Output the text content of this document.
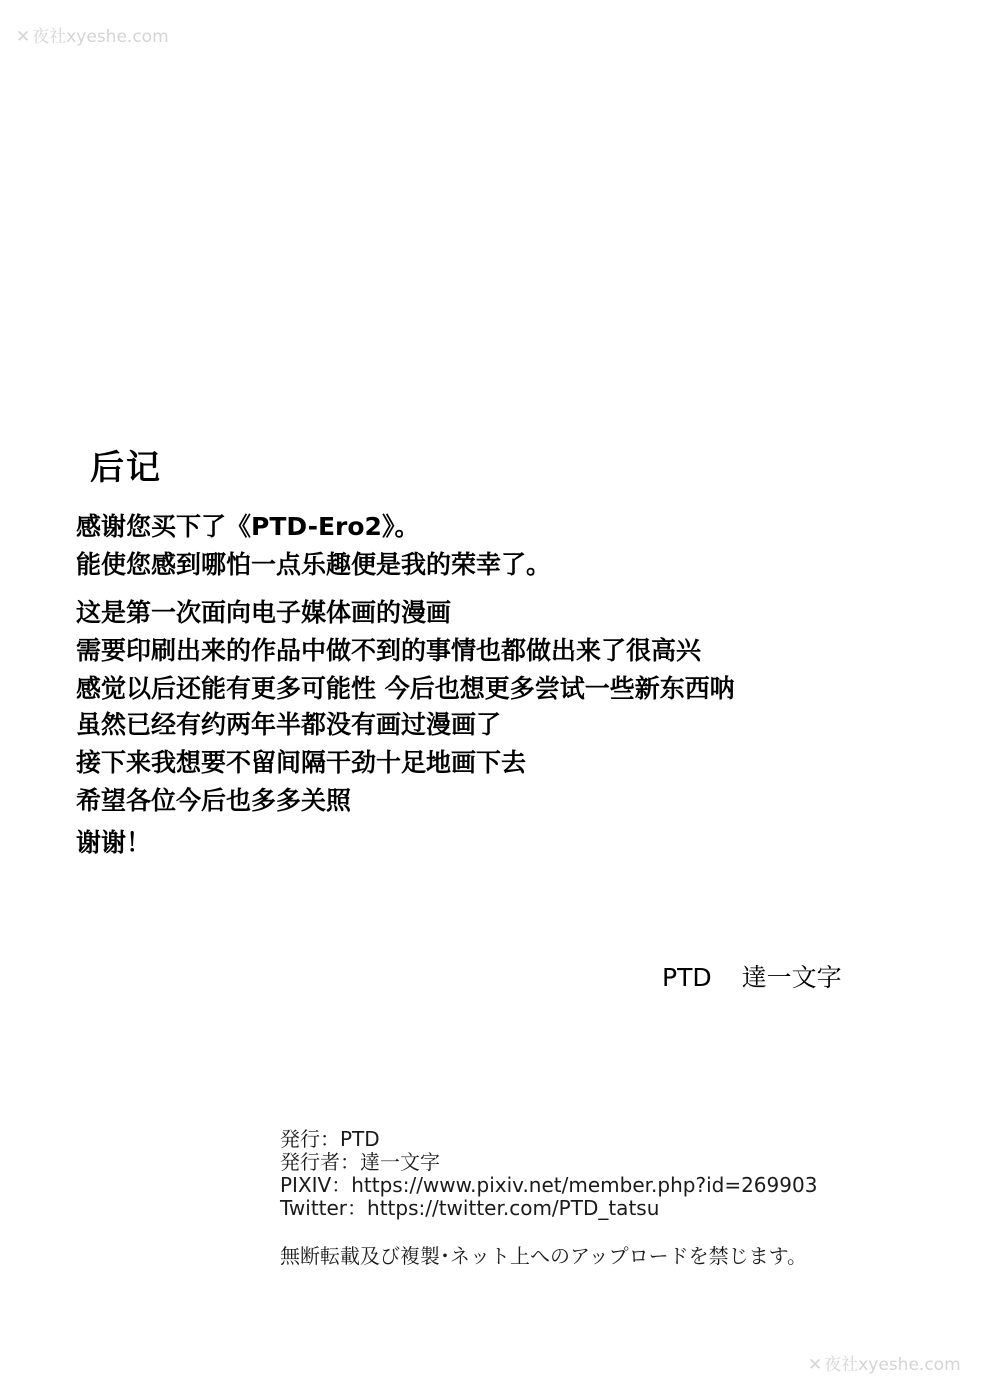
✕ 夜社xyeshe.com
后记
感谢您买下了《PTD-Ero2》。
能使您感到哪怕一点乐趣便是我的荣幸了。
这是第一次面向电子媒体画的漫画
需要印刷出来的作品中做不到的事情也都做出来了很高兴
感觉以后还能有更多可能性 今后也想更多尝试一些新东西呐
虽然已经有约两年半都没有画过漫画了
接下来我想要不留间隔干劲十足地画下去
希望各位今后也多多关照
谢谢！
PTD 達一文字
発行：PTD
発行者：達一文字
PIXIV：https://www.pixiv.net/member.php?id=269903
Twitter：https://twitter.com/PTD_tatsu
無断転載及び複製･ネット上へのアップロードを禁じます。
✕ 夜社xyeshe.com
